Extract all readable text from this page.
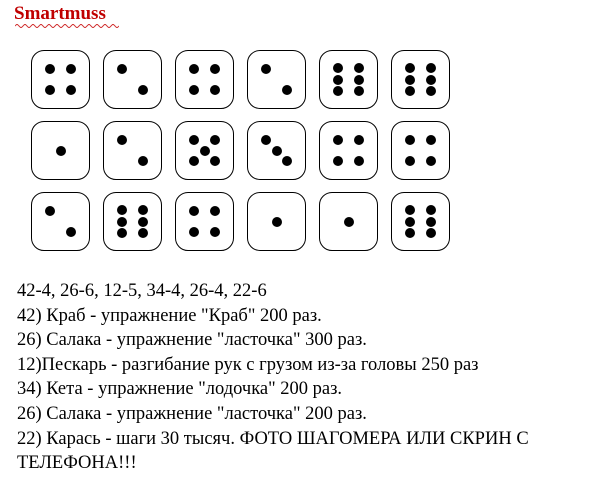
Smartmuss
42-4, 26-6, 12-5, 34-4, 26-4, 22-6
42) Краб - упражнение "Краб" 200 раз.
26) Салака - упражнение "ласточка" 300 раз.
12)Пескарь - разгибание рук с грузом из-за головы 250 раз
34) Кета - упражнение "лодочка" 200 раз.
26) Салака - упражнение "ласточка" 200 раз.
22) Карась - шаги 30 тысяч. ФОТО ШАГОМЕРА ИЛИ СКРИН С
ТЕЛЕФОНА!!!
